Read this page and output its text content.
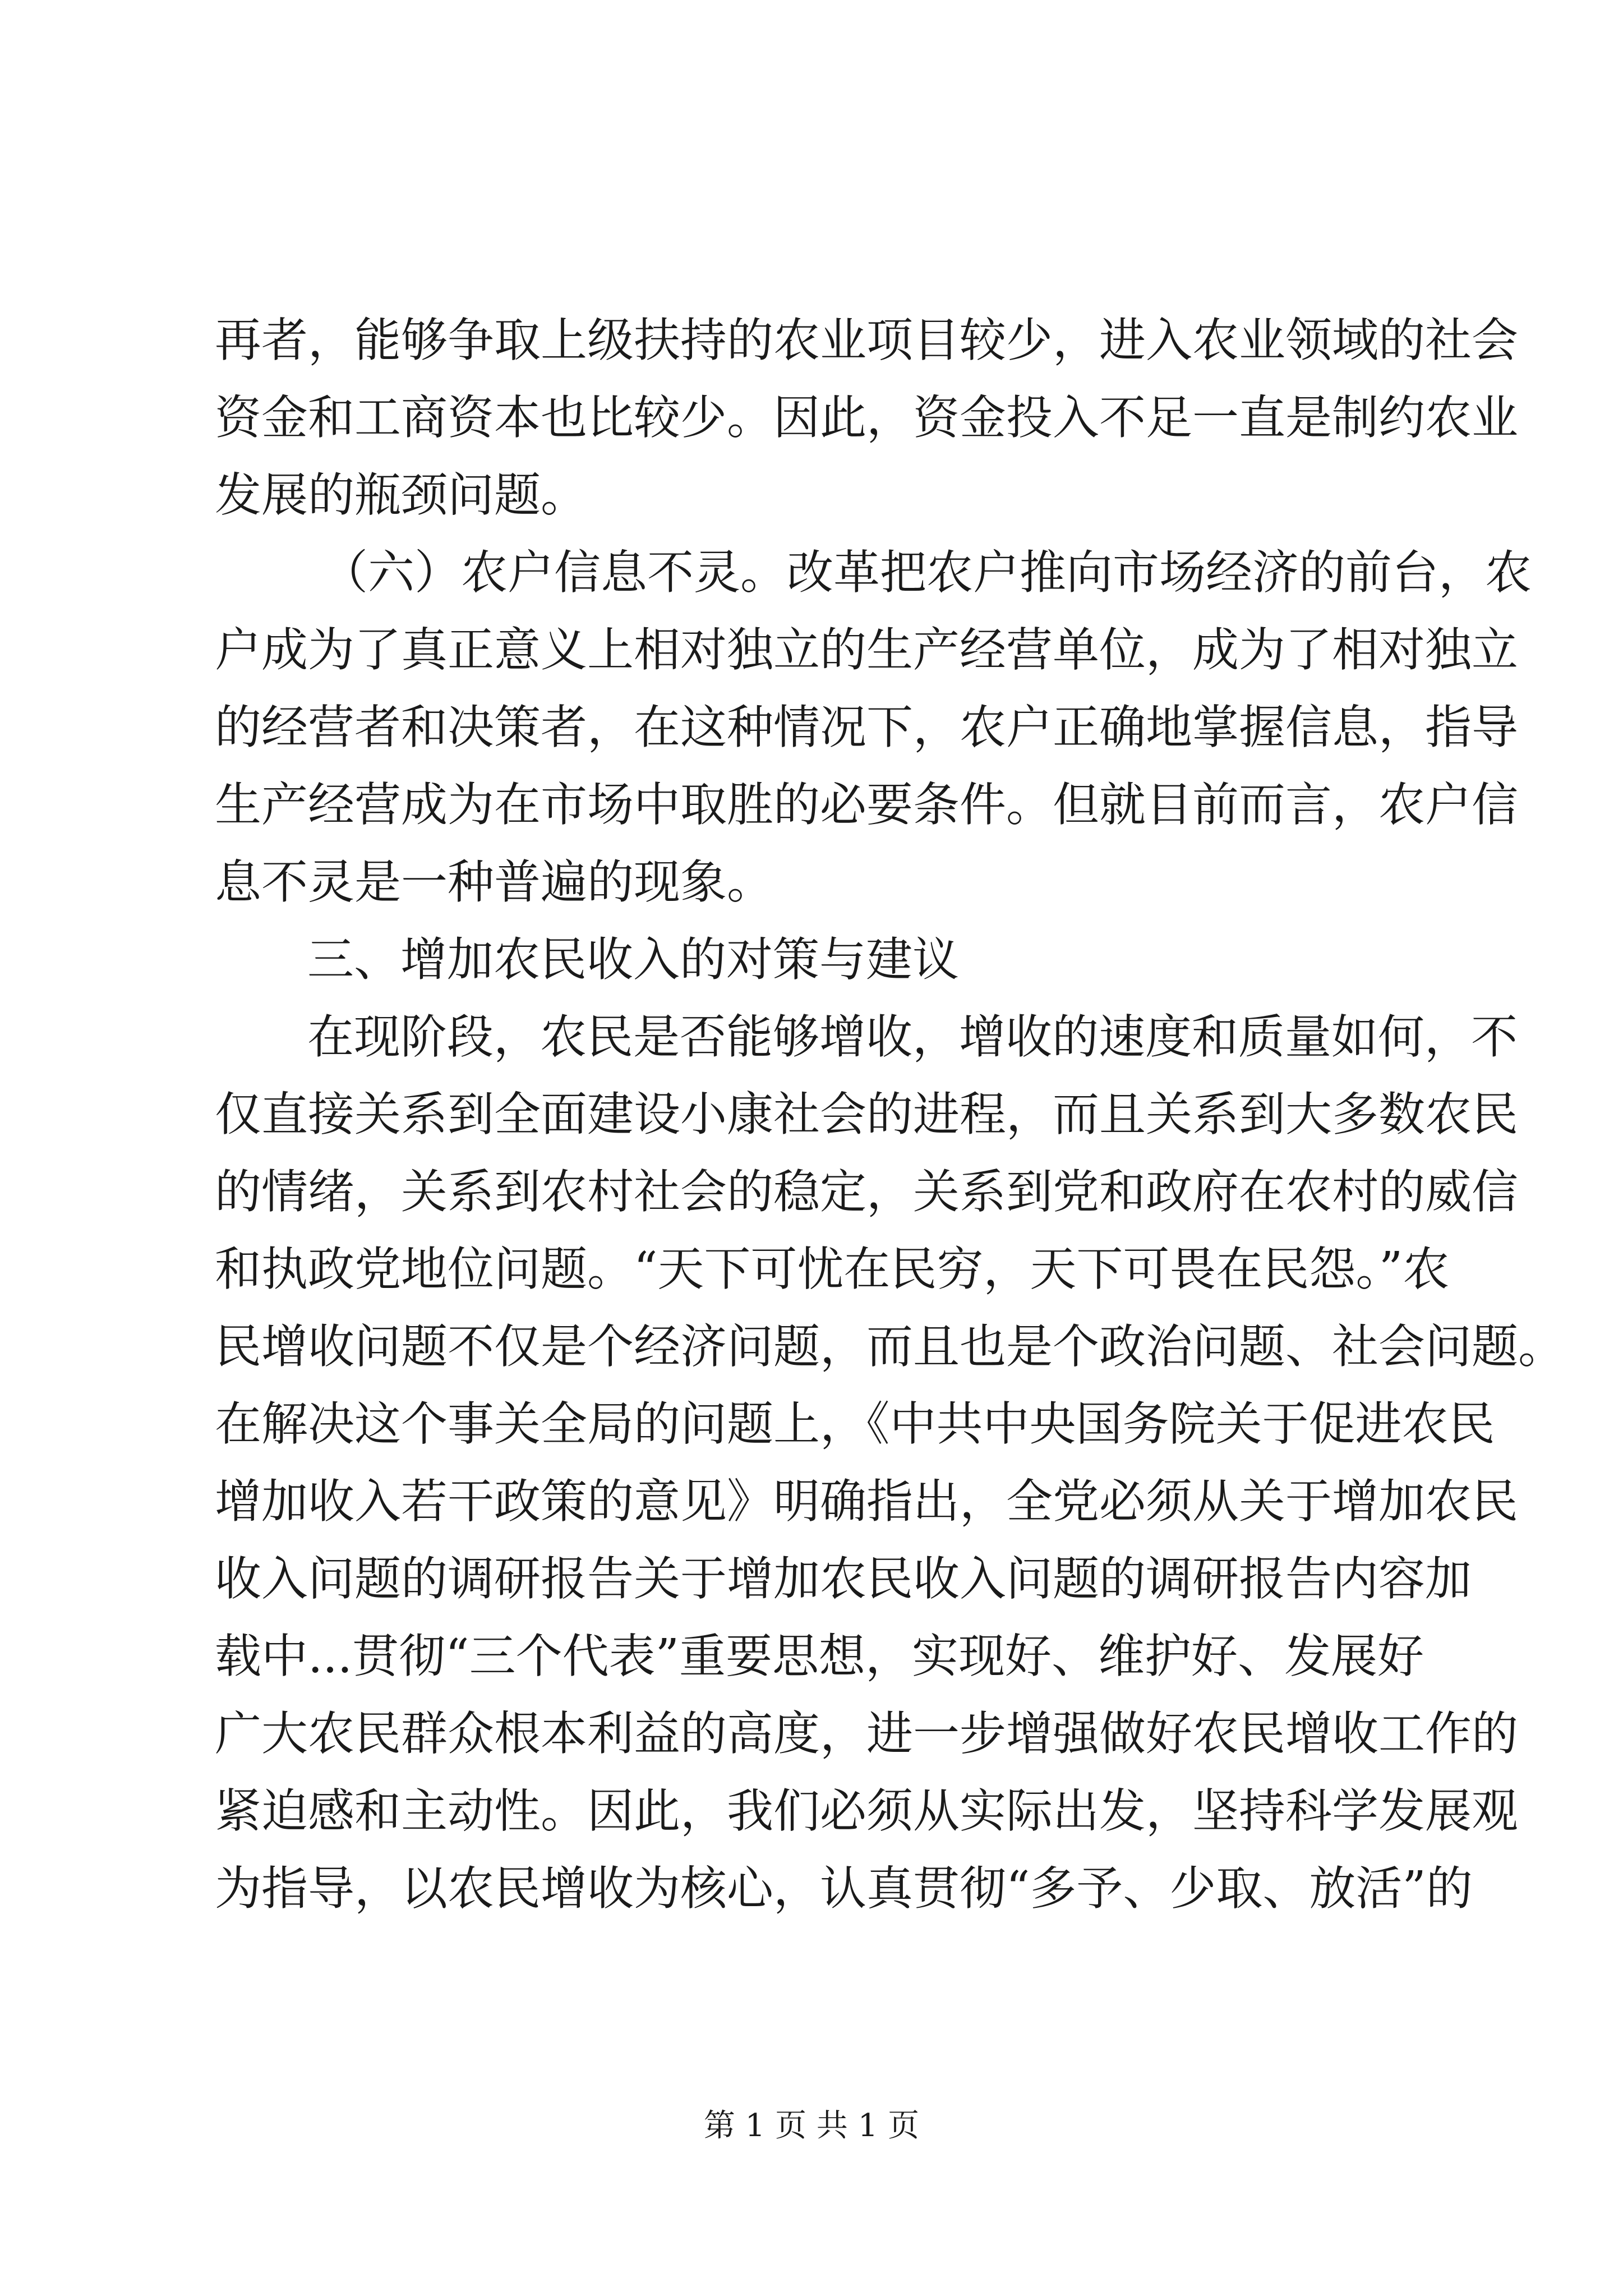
再者，能够争取上级扶持的农业项目较少，进入农业领域的社会
资金和工商资本也比较少。因此，资金投入不足一直是制约农业
发展的瓶颈问题。
（六）农户信息不灵。改革把农户推向市场经济的前台，农
户成为了真正意义上相对独立的生产经营单位，成为了相对独立
的经营者和决策者，在这种情况下，农户正确地掌握信息，指导
生产经营成为在市场中取胜的必要条件。但就目前而言，农户信
息不灵是一种普遍的现象。
三、增加农民收入的对策与建议
在现阶段，农民是否能够增收，增收的速度和质量如何，不
仅直接关系到全面建设小康社会的进程，而且关系到大多数农民
的情绪，关系到农村社会的稳定，关系到党和政府在农村的威信
和执政党地位问题。“天下可忧在民穷，天下可畏在民怨。”农
民增收问题不仅是个经济问题，而且也是个政治问题、社会问题。
在解决这个事关全局的问题上，《中共中央国务院关于促进农民
增加收入若干政策的意见》明确指出，全党必须从关于增加农民
收入问题的调研报告关于增加农民收入问题的调研报告内容加
载中...贯彻“三个代表”重要思想，实现好、维护好、发展好
广大农民群众根本利益的高度，进一步增强做好农民增收工作的
紧迫感和主动性。因此，我们必须从实际出发，坚持科学发展观
为指导，以农民增收为核心，认真贯彻“多予、少取、放活”的
第 1 页 共 1 页
